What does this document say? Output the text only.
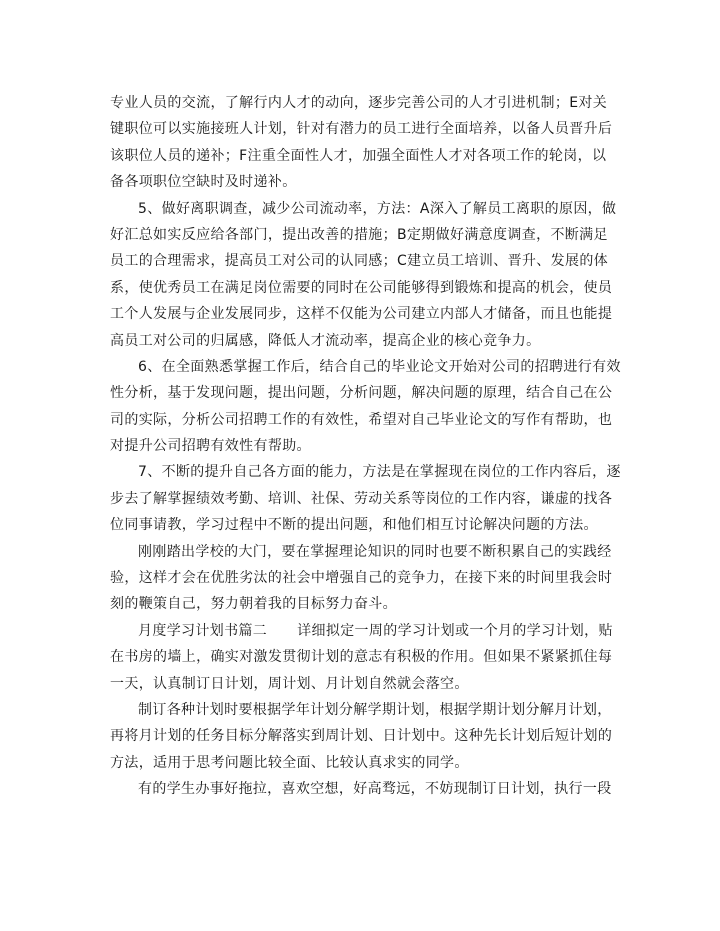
专业人员的交流，了解行内人才的动向，逐步完善公司的人才引进机制；E对关
键职位可以实施接班人计划，针对有潜力的员工进行全面培养，以备人员晋升后
该职位人员的递补；F注重全面性人才，加强全面性人才对各项工作的轮岗，以
备各项职位空缺时及时递补。
5、做好离职调查，减少公司流动率，方法：A深入了解员工离职的原因，做
好汇总如实反应给各部门，提出改善的措施；B定期做好满意度调查，不断满足
员工的合理需求，提高员工对公司的认同感；C建立员工培训、晋升、发展的体
系，使优秀员工在满足岗位需要的同时在公司能够得到锻炼和提高的机会，使员
工个人发展与企业发展同步，这样不仅能为公司建立内部人才储备，而且也能提
高员工对公司的归属感，降低人才流动率，提高企业的核心竞争力。
6、在全面熟悉掌握工作后，结合自己的毕业论文开始对公司的招聘进行有效
性分析，基于发现问题，提出问题，分析问题，解决问题的原理，结合自己在公
司的实际，分析公司招聘工作的有效性，希望对自己毕业论文的写作有帮助，也
对提升公司招聘有效性有帮助。
7、不断的提升自己各方面的能力，方法是在掌握现在岗位的工作内容后，逐
步去了解掌握绩效考勤、培训、社保、劳动关系等岗位的工作内容，谦虚的找各
位同事请教，学习过程中不断的提出问题，和他们相互讨论解决问题的方法。
刚刚踏出学校的大门，要在掌握理论知识的同时也要不断积累自己的实践经
验，这样才会在优胜劣汰的社会中增强自己的竞争力，在接下来的时间里我会时
刻的鞭策自己，努力朝着我的目标努力奋斗。
月度学习计划书篇二 详细拟定一周的学习计划或一个月的学习计划，贴
在书房的墙上，确实对激发贯彻计划的意志有积极的作用。但如果不紧紧抓住每
一天，认真制订日计划，周计划、月计划自然就会落空。
制订各种计划时要根据学年计划分解学期计划，根据学期计划分解月计划，
再将月计划的任务目标分解落实到周计划、日计划中。这种先长计划后短计划的
方法，适用于思考问题比较全面、比较认真求实的同学。
有的学生办事好拖拉，喜欢空想，好高骛远，不妨现制订日计划，执行一段
